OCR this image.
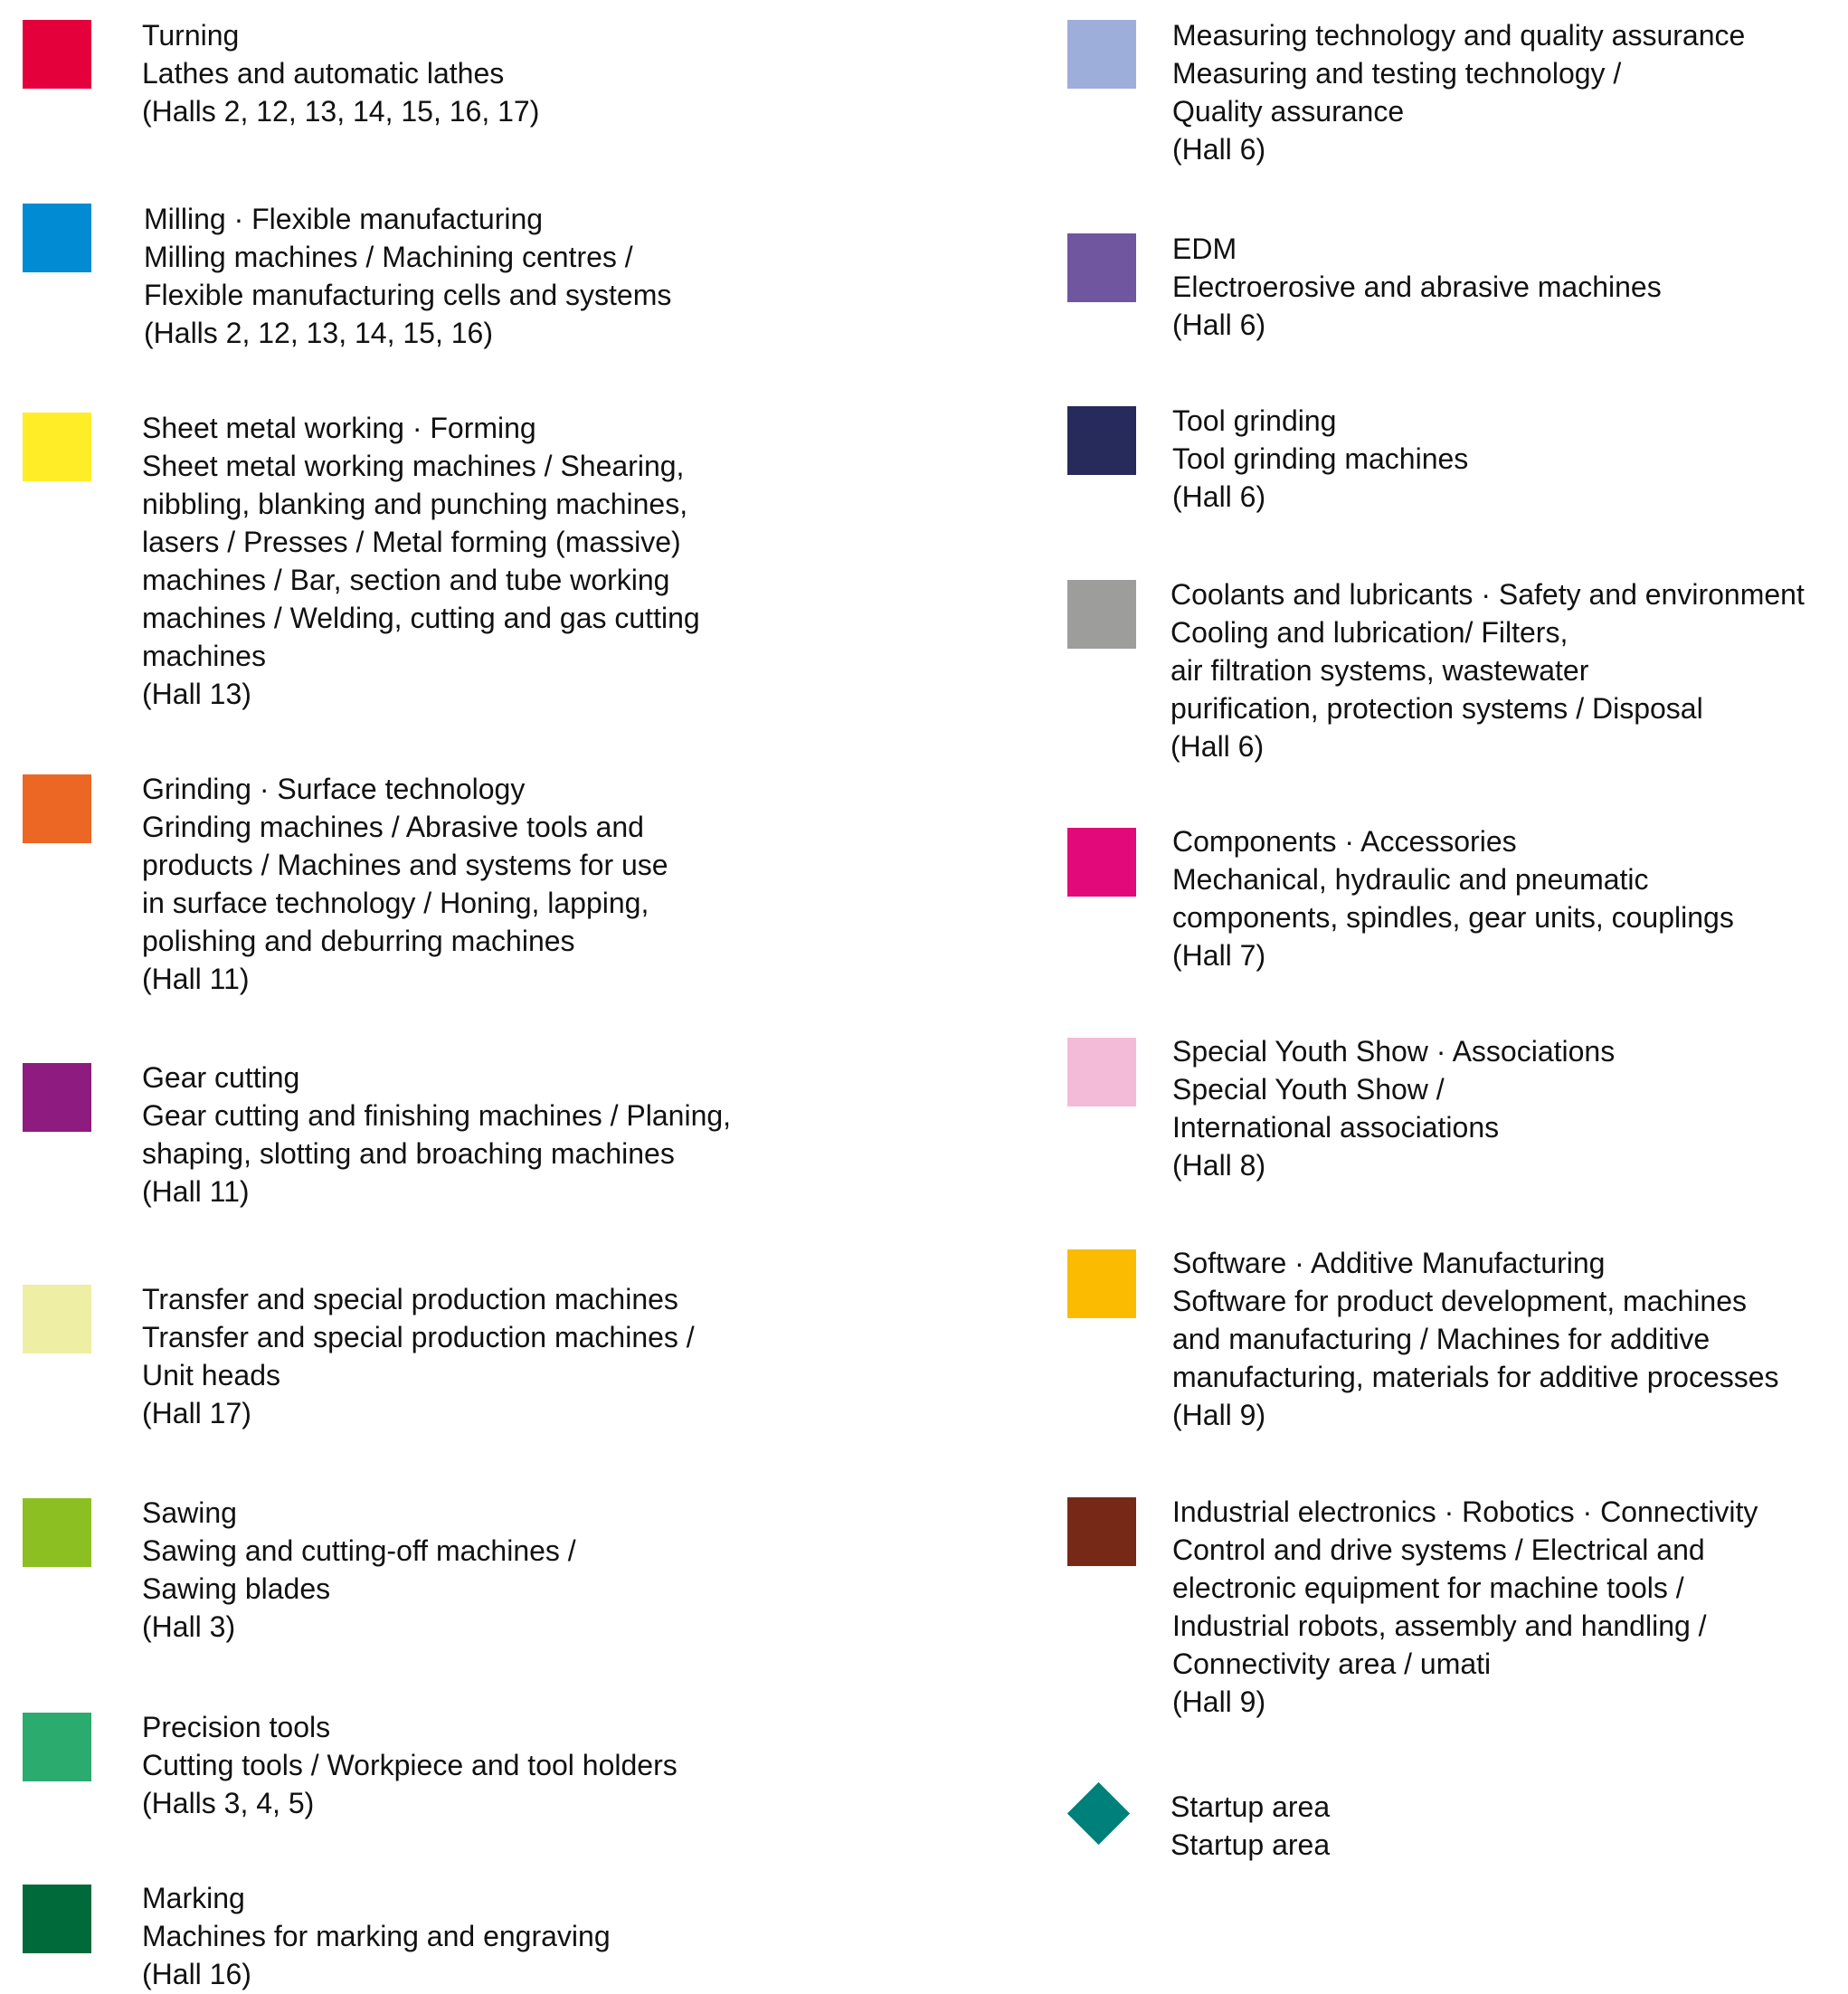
Turning
Lathes and automatic lathes
(Halls 2, 12, 13, 14, 15, 16, 17)
Milling · Flexible manufacturing
Milling machines / Machining centres /
Flexible manufacturing cells and systems
(Halls 2, 12, 13, 14, 15, 16)
Sheet metal working · Forming
Sheet metal working machines / Shearing,
nibbling, blanking and punching machines,
lasers / Presses / Metal forming (massive)
machines / Bar, section and tube working
machines / Welding, cutting and gas cutting
machines
(Hall 13)
Grinding · Surface technology
Grinding machines / Abrasive tools and
products / Machines and systems for use
in surface technology / Honing, lapping,
polishing and deburring machines
(Hall 11)
Gear cutting
Gear cutting and finishing machines / Planing,
shaping, slotting and broaching machines
(Hall 11)
Transfer and special production machines
Transfer and special production machines /
Unit heads
(Hall 17)
Sawing
Sawing and cutting-off machines /
Sawing blades
(Hall 3)
Precision tools
Cutting tools / Workpiece and tool holders
(Halls 3, 4, 5)
Marking
Machines for marking and engraving
(Hall 16)
Measuring technology and quality assurance
Measuring and testing technology /
Quality assurance
(Hall 6)
EDM
Electroerosive and abrasive machines
(Hall 6)
Tool grinding
Tool grinding machines
(Hall 6)
Coolants and lubricants · Safety and environment
Cooling and lubrication/ Filters,
air filtration systems, wastewater
purification, protection systems / Disposal
(Hall 6)
Components · Accessories
Mechanical, hydraulic and pneumatic
components, spindles, gear units, couplings
(Hall 7)
Special Youth Show · Associations
Special Youth Show /
International associations
(Hall 8)
Software · Additive Manufacturing
Software for product development, machines
and manufacturing / Machines for additive
manufacturing, materials for additive processes
(Hall 9)
Industrial electronics · Robotics · Connectivity
Control and drive systems / Electrical and
electronic equipment for machine tools /
Industrial robots, assembly and handling /
Connectivity area / umati
(Hall 9)
Startup area
Startup area
